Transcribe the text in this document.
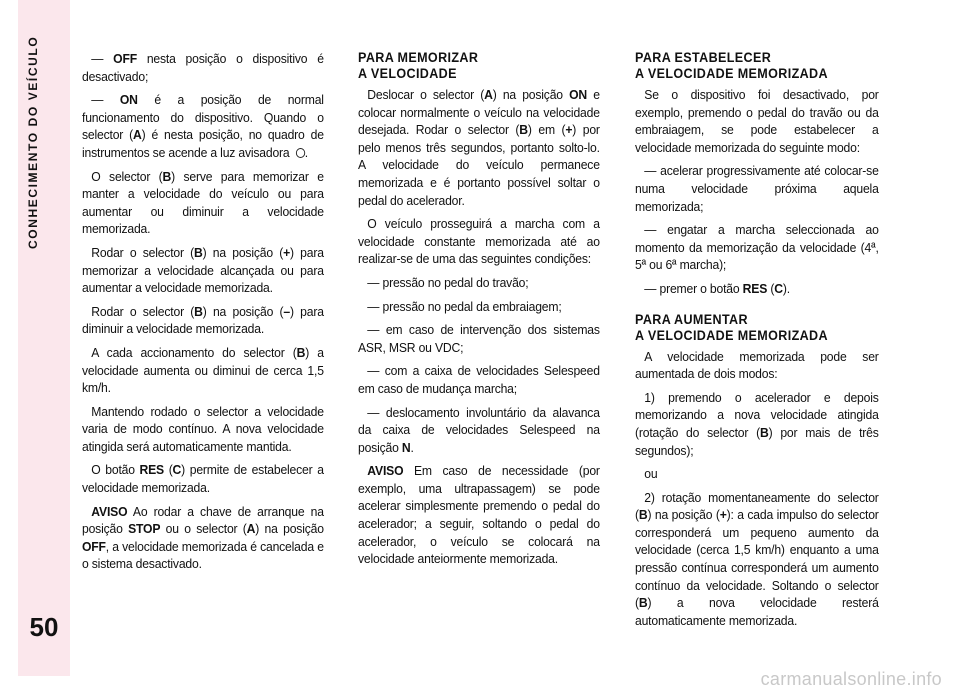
CONHECIMENTO DO VEÍCULO
50

— OFF nesta posição o dispositivo é desactivado;

— ON é a posição de normal funcionamento do dispositivo. Quando o selector (A) é nesta posição, no quadro de instrumentos se acende a luz avisadora .

O selector (B) serve para memorizar e manter a velocidade do veículo ou para aumentar ou diminuir a velocidade memorizada.

Rodar o selector (B) na posição (+) para memorizar a velocidade alcançada ou para aumentar a velocidade memorizada.

Rodar o selector (B) na posição (–) para diminuir a velocidade memorizada.

A cada accionamento do selector (B) a velocidade aumenta ou diminui de cerca 1,5 km/h.

Mantendo rodado o selector a velocidade varia de modo contínuo. A nova velocidade atingida será automaticamente mantida.

O botão RES (C) permite de estabelecer a velocidade memorizada.

AVISO Ao rodar a chave de arranque na posição STOP ou o selector (A) na posição OFF, a velocidade memorizada é cancelada e o sistema desactivado.

PARA MEMORIZAR
A VELOCIDADE

Deslocar o selector (A) na posição ON e colocar normalmente o veículo na velocidade desejada. Rodar o selector (B) em (+) por pelo menos três segundos, portanto solto-lo. A velocidade do veículo permanece memorizada e é portanto possível soltar o pedal do acelerador.

O veículo prosseguirá a marcha com a velocidade constante memorizada até ao realizar-se de uma das seguintes condições:

— pressão no pedal do travão;

— pressão no pedal da embraiagem;

— em caso de intervenção dos sistemas ASR, MSR ou VDC;

— com a caixa de velocidades Selespeed em caso de mudança marcha;

— deslocamento involuntário da alavanca da caixa de velocidades Selespeed na posição N.

AVISO Em caso de necessidade (por exemplo, uma ultrapassagem) se pode acelerar simplesmente premendo o pedal do acelerador; a seguir, soltando o pedal do acelerador, o veículo se colocará na velocidade anteiormente memorizada.

PARA ESTABELECER
A VELOCIDADE MEMORIZADA

Se o dispositivo foi desactivado, por exemplo, premendo o pedal do travão ou da embraiagem, se pode estabelecer a velocidade memorizada do seguinte modo:

— acelerar progressivamente até colocar-se numa velocidade próxima aquela memorizada;

— engatar a marcha seleccionada ao momento da memorização da velocidade (4ª, 5ª ou 6ª marcha);

— premer o botão RES (C).

PARA AUMENTAR
A VELOCIDADE MEMORIZADA

A velocidade memorizada pode ser aumentada de dois modos:

1) premendo o acelerador e depois memorizando a nova velocidade atingida (rotação do selector (B) por mais de três segundos);

ou

2) rotação momentaneamente do selector (B) na posição (+): a cada impulso do selector corresponderá um pequeno aumento da velocidade (cerca 1,5 km/h) enquanto a uma pressão contínua corresponderá um aumento contínuo da velocidade. Soltando o selector (B) a nova velocidade resterá automaticamente memorizada.

carmanualsonline.info
